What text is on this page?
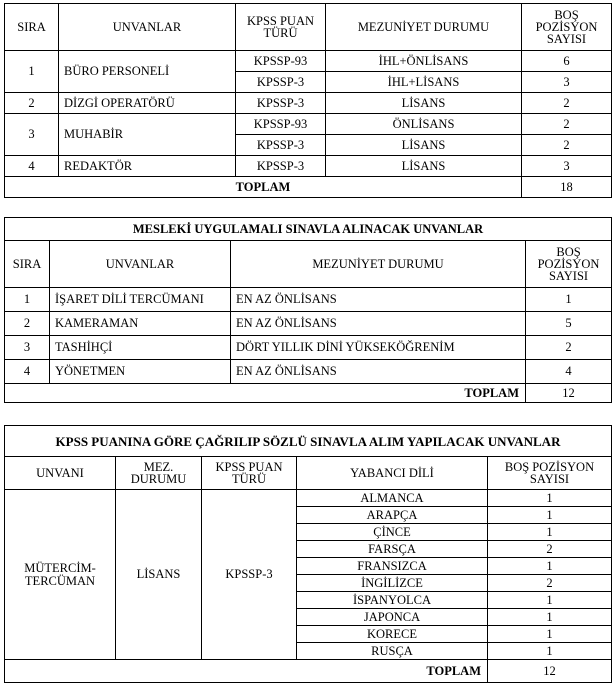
SIRA	UNVANLAR	KPSS PUAN TÜRÜ	MEZUNİYET DURUMU	BOŞ POZİSYON SAYISI
1	BÜRO PERSONELİ	KPSSP-93	İHL+ÖNLİSANS	6
		KPSSP-3	İHL+LİSANS	3
2	DİZGİ OPERATÖRÜ	KPSSP-3	LİSANS	2
3	MUHABİR	KPSSP-93	ÖNLİSANS	2
		KPSSP-3	LİSANS	2
4	REDAKTÖR	KPSSP-3	LİSANS	3
TOPLAM				18
MESLEKİ UYGULAMALI SINAVLA ALINACAK UNVANLAR			
SIRA	UNVANLAR	MEZUNİYET DURUMU	BOŞ POZİSYON SAYISI
1	İŞARET DİLİ TERCÜMANI	EN AZ ÖNLİSANS	1
2	KAMERAMAN	EN AZ ÖNLİSANS	5
3	TASHİHÇİ	DÖRT YILLIK DİNİ YÜKSEKÖĞRENİM	2
4	YÖNETMEN	EN AZ ÖNLİSANS	4
TOPLAM			12
KPSS PUANINA GÖRE ÇAĞRILIP SÖZLÜ SINAVLA ALIM YAPILACAK UNVANLAR				
UNVANI	MEZ. DURUMU	KPSS PUAN TÜRÜ	YABANCI DİLİ	BOŞ POZİSYON SAYISI
MÜTERCİM-TERCÜMAN	LİSANS	KPSSP-3	ALMANCA	1
			ARAPÇA	1
			ÇİNCE	1
			FARSÇA	2
			FRANSIZCA	1
			İNGİLİZCE	2
			İSPANYOLCA	1
			JAPONCA	1
			KORECE	1
			RUSÇA	1
TOPLAM				12
